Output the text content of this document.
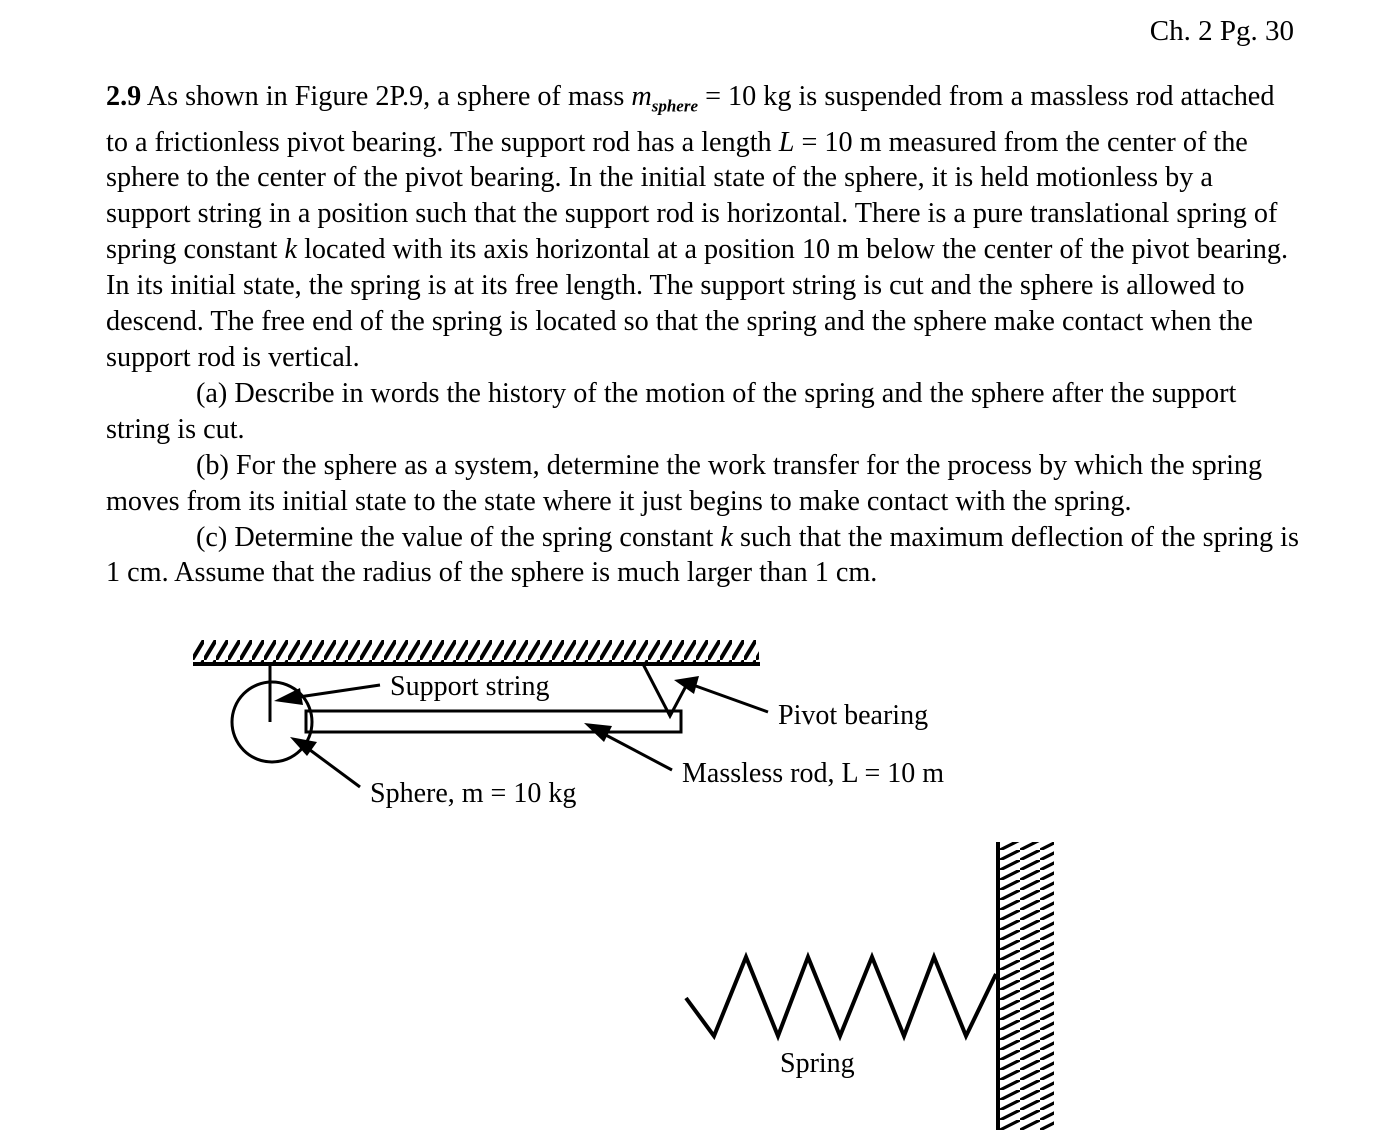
Ch. 2 Pg. 30

2.9 As shown in Figure 2P.9, a sphere of mass $m_{sphere} = 10$ kg is suspended from a massless rod attached to a frictionless pivot bearing. The support rod has a length L = 10 m measured from the center of the sphere to the center of the pivot bearing. In the initial state of the sphere, it is held motionless by a support string in a position such that the support rod is horizontal. There is a pure translational spring of spring constant k located with its axis horizontal at a position 10 m below the center of the pivot bearing. In its initial state, the spring is at its free length. The support string is cut and the sphere is allowed to descend. The free end of the spring is located so that the spring and the sphere make contact when the support rod is vertical.

(a) Describe in words the history of the motion of the spring and the sphere after the support string is cut.

(b) For the sphere as a system, determine the work transfer for the process by which the spring moves from its initial state to the state where it just begins to make contact with the spring.

(c) Determine the value of the spring constant k such that the maximum deflection of the spring is 1 cm. Assume that the radius of the sphere is much larger than 1 cm.

Support string
Pivot bearing
Massless rod, L = 10 m
Sphere, m = 10 kg
Spring
